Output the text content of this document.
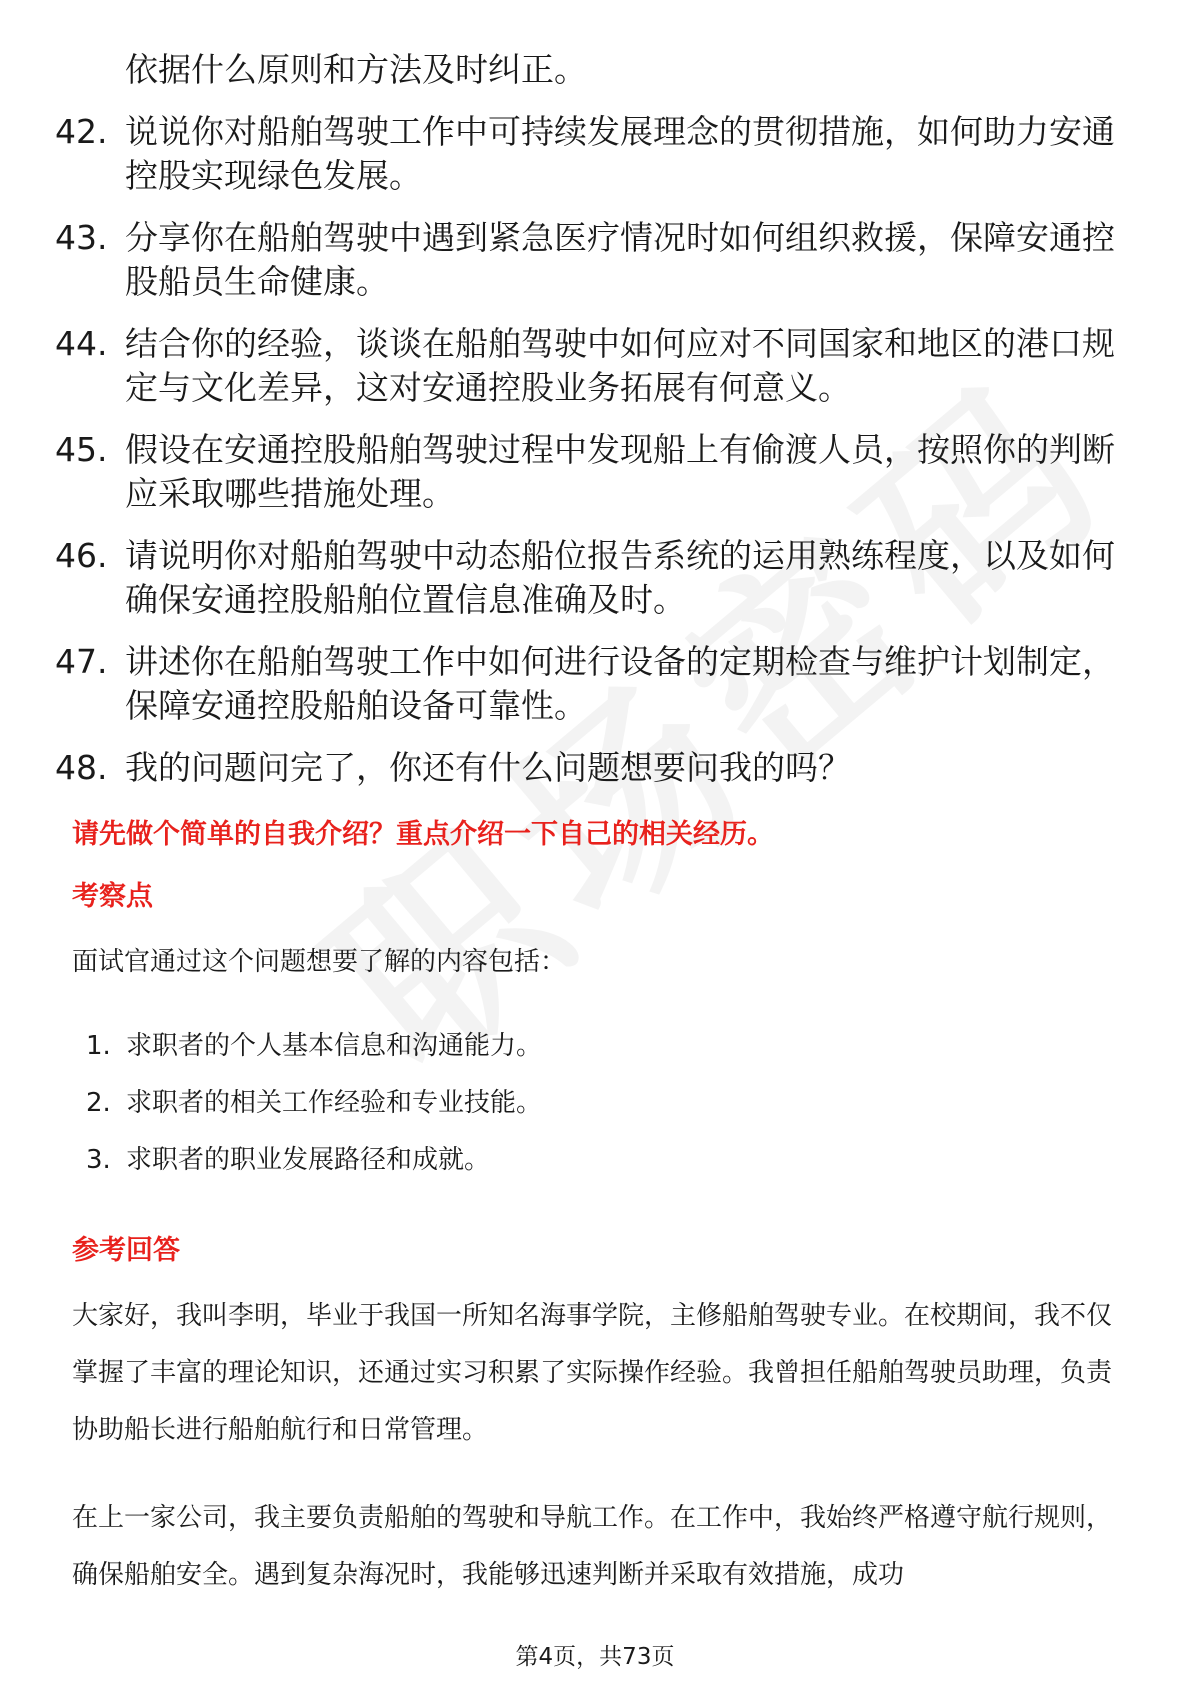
依据什么原则和方法及时纠正。
42. 说说你对船舶驾驶工作中可持续发展理念的贯彻措施，如何助力安通控股实现绿色发展。
43. 分享你在船舶驾驶中遇到紧急医疗情况时如何组织救援，保障安通控股船员生命健康。
44. 结合你的经验，谈谈在船舶驾驶中如何应对不同国家和地区的港口规定与文化差异，这对安通控股业务拓展有何意义。
45. 假设在安通控股船舶驾驶过程中发现船上有偷渡人员，按照你的判断应采取哪些措施处理。
46. 请说明你对船舶驾驶中动态船位报告系统的运用熟练程度，以及如何确保安通控股船舶位置信息准确及时。
47. 讲述你在船舶驾驶工作中如何进行设备的定期检查与维护计划制定，保障安通控股船舶设备可靠性。
48. 我的问题问完了，你还有什么问题想要问我的吗？
请先做个简单的自我介绍？重点介绍一下自己的相关经历。
考察点
面试官通过这个问题想要了解的内容包括：
1. 求职者的个人基本信息和沟通能力。
2. 求职者的相关工作经验和专业技能。
3. 求职者的职业发展路径和成就。
参考回答
大家好，我叫李明，毕业于我国一所知名海事学院，主修船舶驾驶专业。在校期间，我不仅掌握了丰富的理论知识，还通过实习积累了实际操作经验。我曾担任船舶驾驶员助理，负责协助船长进行船舶航行和日常管理。
在上一家公司，我主要负责船舶的驾驶和导航工作。在工作中，我始终严格遵守航行规则，确保船舶安全。遇到复杂海况时，我能够迅速判断并采取有效措施，成功
第4页，共73页
